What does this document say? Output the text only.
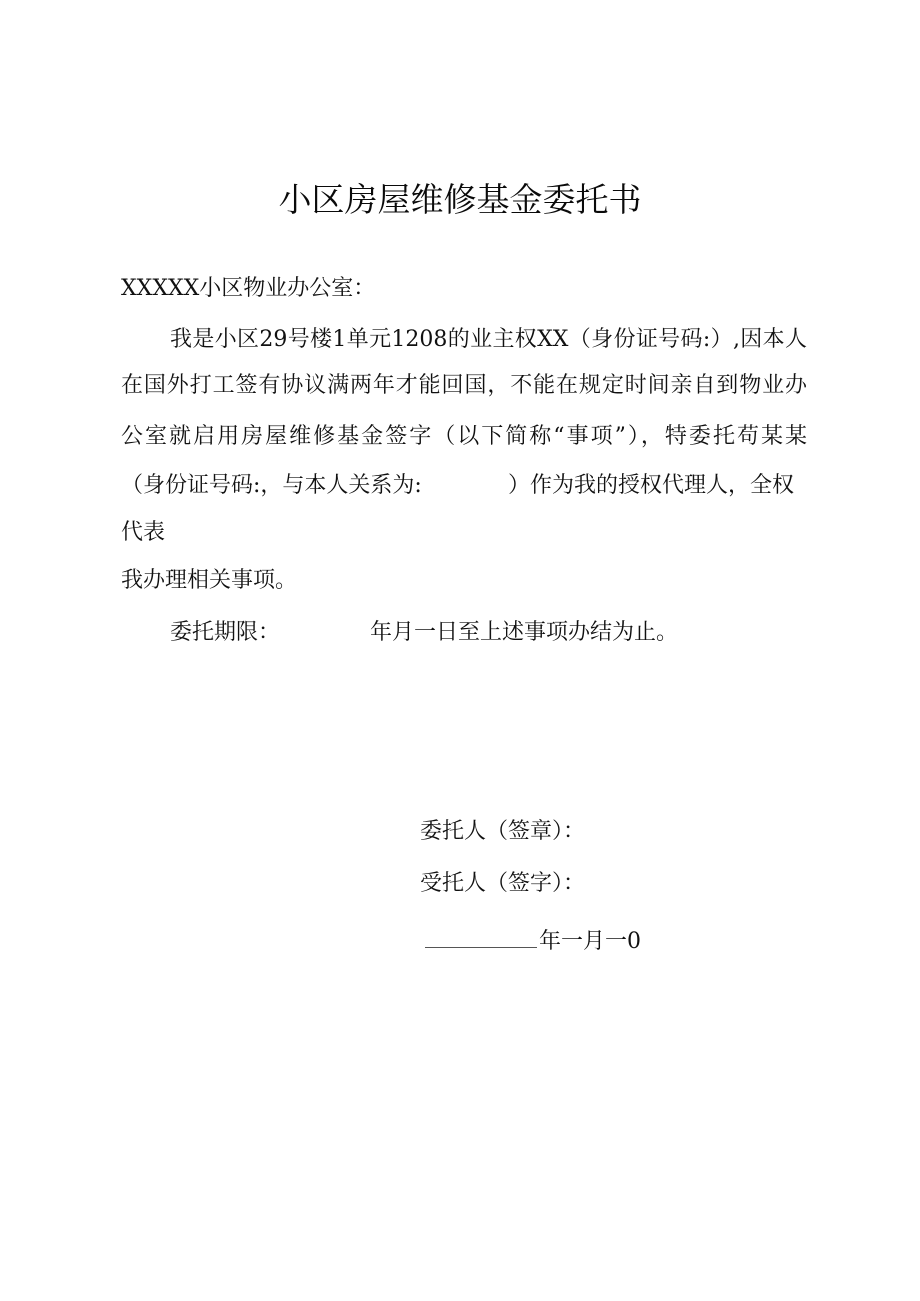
小区房屋维修基金委托书
XXXXX小区物业办公室：
我是小区29号楼1单元1208的业主权XX（身份证号码:）,因本人
在国外打工签有协议满两年才能回国，不能在规定时间亲自到物业办
公室就启用房屋维修基金签字（以下简称“事项”），特委托苟某某
（身份证号码:，与本人关系为:	）作为我的授权代理人，全权
代表
我办理相关事项。
委托期限：	年月一日至上述事项办结为止。
委托人（签章）：
受托人（签字）：
年一月一0
